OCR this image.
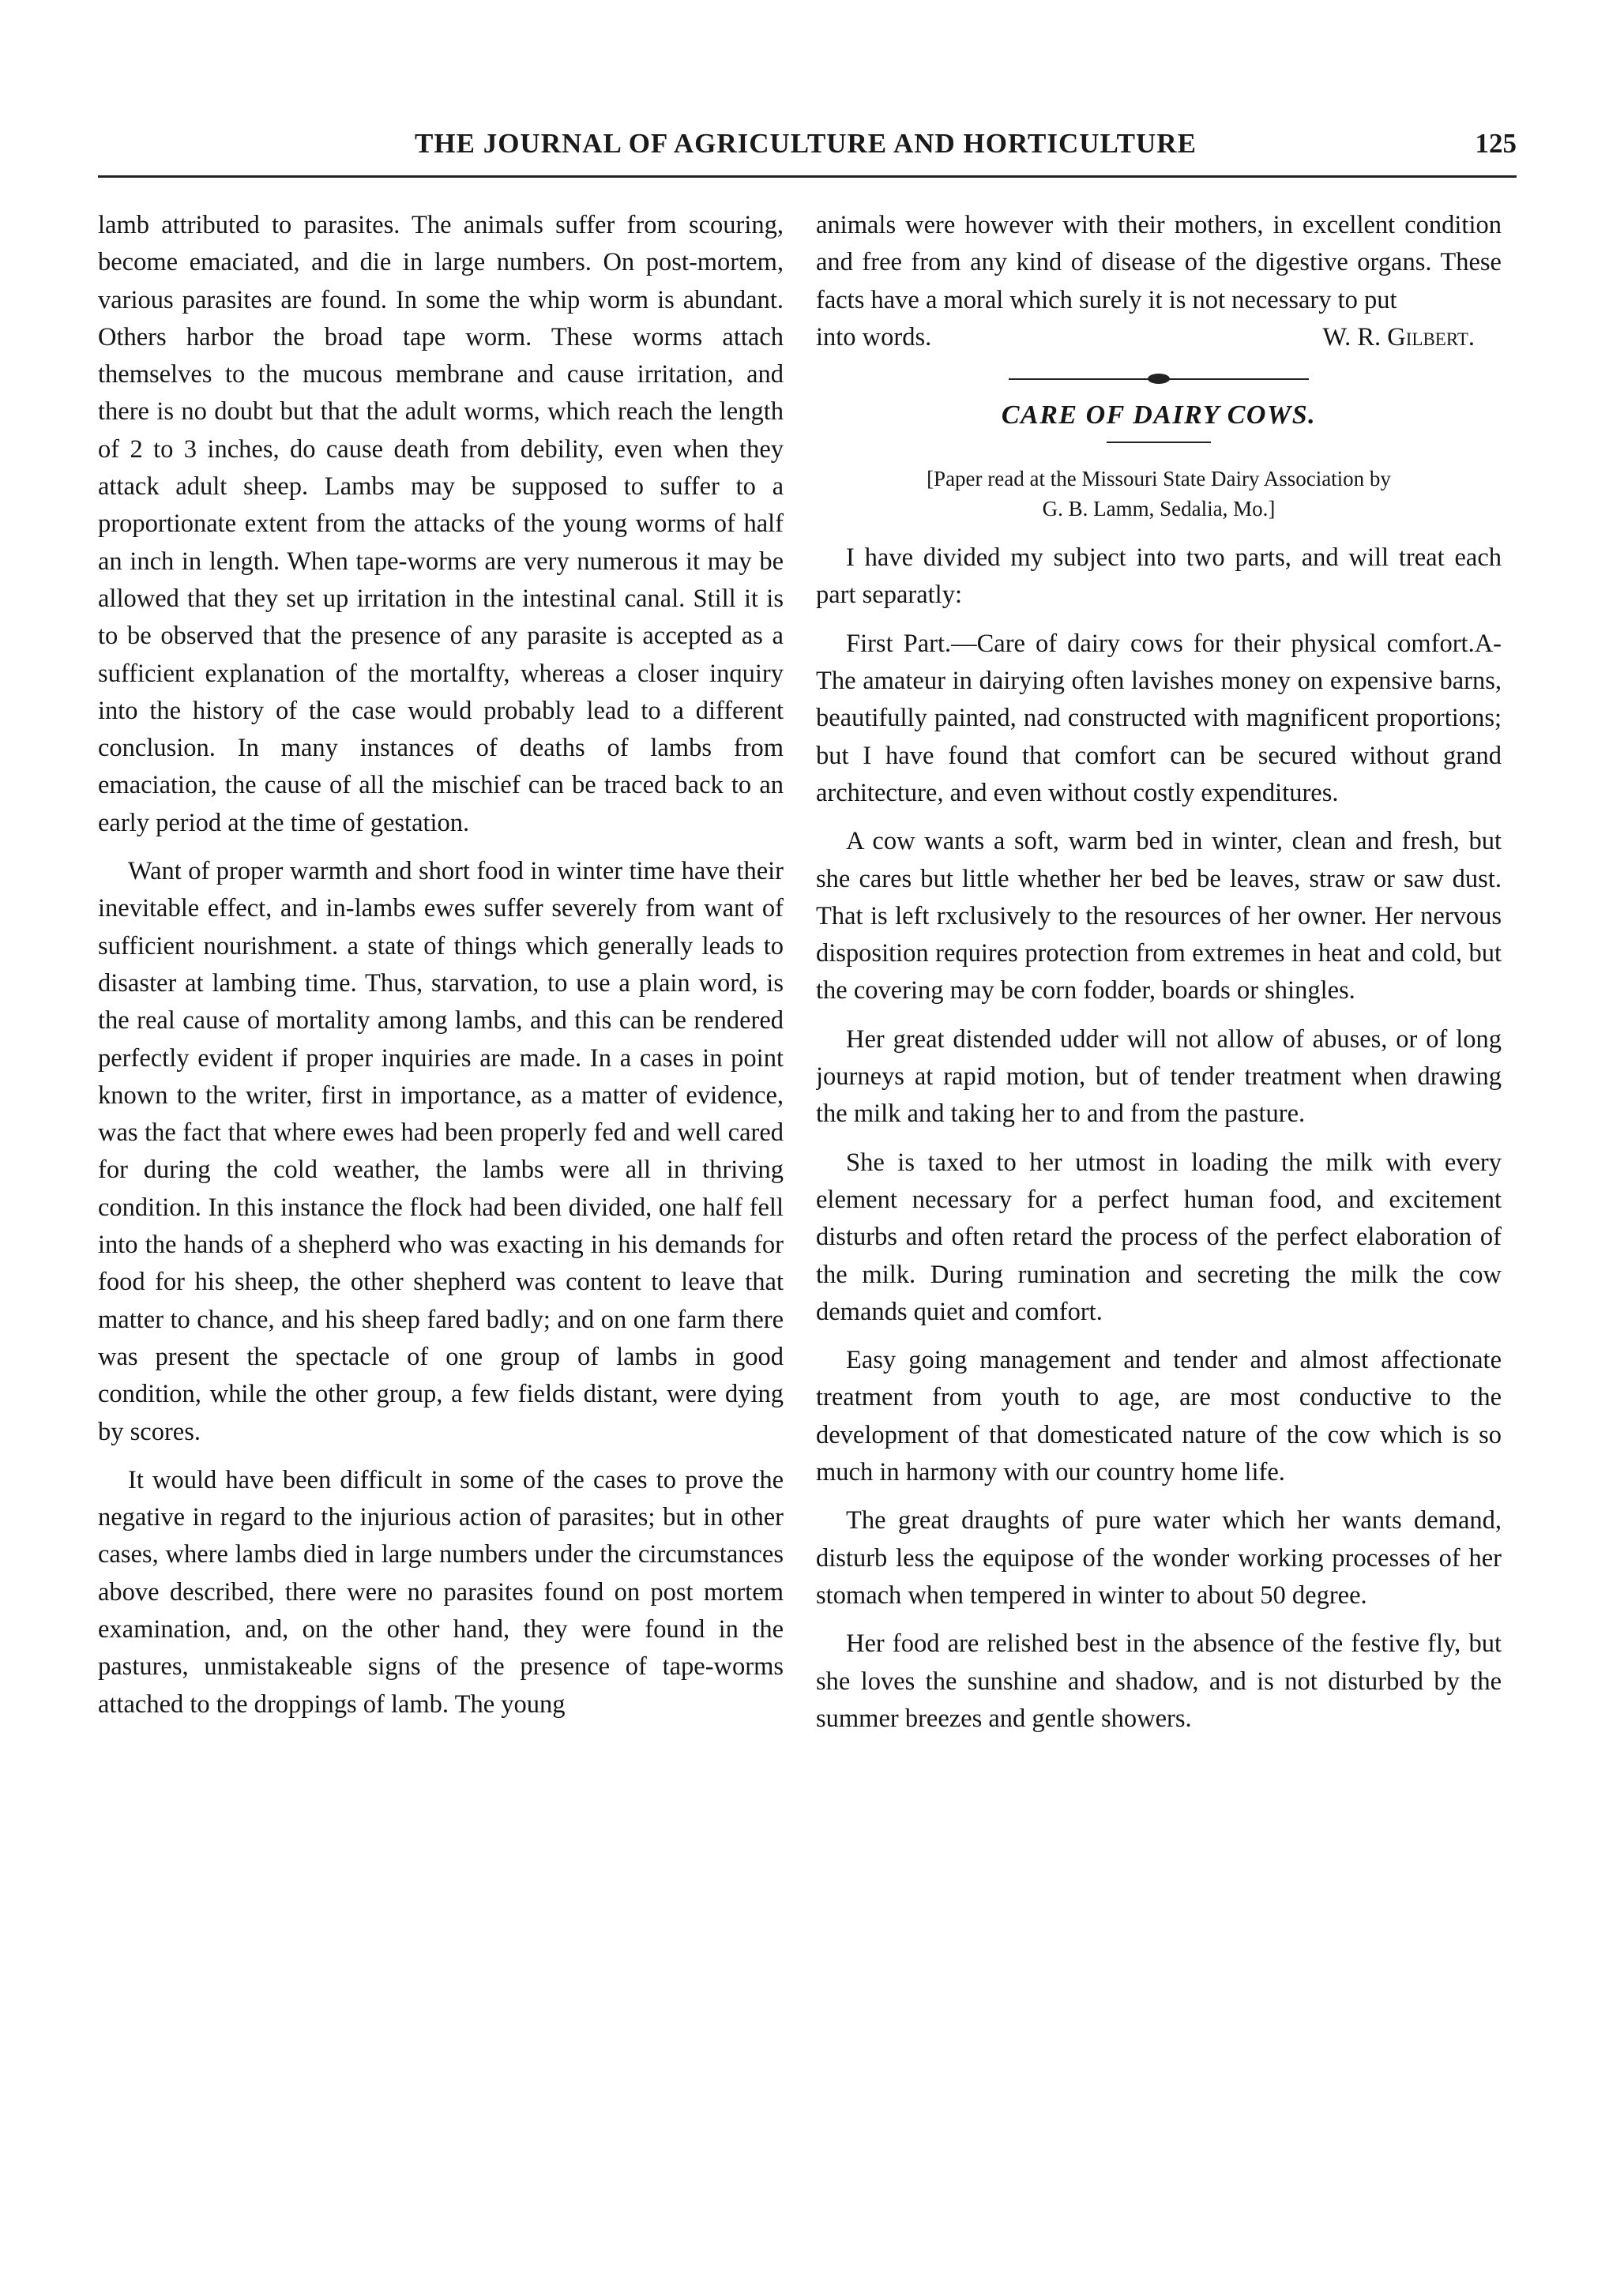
THE JOURNAL OF AGRICULTURE AND HORTICULTURE	125

lamb attributed to parasites. The animals suffer from scouring, become emaciated, and die in large numbers. On post-mortem, various parasites are found. In some the whip worm is abundant. Others harbor the broad tape worm. These worms attach themselves to the mucous membrane and cause irritation, and there is no doubt but that the adult worms, which reach the length of 2 to 3 inches, do cause death from debility, even when they attack adult sheep. Lambs may be supposed to suffer to a proportionate extent from the attacks of the young worms of half an inch in length. When tape-worms are very numerous it may be allowed that they set up irritation in the intestinal canal. Still it is to be observed that the presence of any parasite is accepted as a sufficient explanation of the mortalfty, whereas a closer inquiry into the history of the case would probably lead to a different conclusion. In many instances of deaths of lambs from emaciation, the cause of all the mischief can be traced back to an early period at the time of gestation.

Want of proper warmth and short food in winter time have their inevitable effect, and in-lambs ewes suffer severely from want of sufficient nourishment. a state of things which generally leads to disaster at lambing time. Thus, starvation, to use a plain word, is the real cause of mortality among lambs, and this can be rendered perfectly evident if proper inquiries are made. In a cases in point known to the writer, first in importance, as a matter of evidence, was the fact that where ewes had been properly fed and well cared for during the cold weather, the lambs were all in thriving condition. In this instance the flock had been divided, one half fell into the hands of a shepherd who was exacting in his demands for food for his sheep, the other shepherd was content to leave that matter to chance, and his sheep fared badly; and on one farm there was present the spectacle of one group of lambs in good condition, while the other group, a few fields distant, were dying by scores.

It would have been difficult in some of the cases to prove the negative in regard to the injurious action of parasites; but in other cases, where lambs died in large numbers under the circumstances above described, there were no parasites found on post mortem examination, and, on the other hand, they were found in the pastures, unmistakeable signs of the presence of tape-worms attached to the droppings of lamb. The young

animals were however with their mothers, in excellent condition and free from any kind of disease of the digestive organs. These facts have a moral which surely it is not necessary to put

into words.	W. R. Gilbert.
CARE OF DAIRY COWS.
[Paper read at the Missouri State Dairy Association by
G. B. Lamm, Sedalia, Mo.]

I have divided my subject into two parts, and will treat each part separatly:

First Part.—Care of dairy cows for their physical comfort.A-The amateur in dairying often lavishes money on expensive barns, beautifully painted, nad constructed with magnificent proportions; but I have found that comfort can be secured without grand architecture, and even without costly expenditures.

A cow wants a soft, warm bed in winter, clean and fresh, but she cares but little whether her bed be leaves, straw or saw dust. That is left rxclusively to the resources of her owner. Her nervous disposition requires protection from extremes in heat and cold, but the covering may be corn fodder, boards or shingles.

Her great distended udder will not allow of abuses, or of long journeys at rapid motion, but of tender treatment when drawing the milk and taking her to and from the pasture.

She is taxed to her utmost in loading the milk with every element necessary for a perfect human food, and excitement disturbs and often retard the process of the perfect elaboration of the milk. During rumination and secreting the milk the cow demands quiet and comfort.

Easy going management and tender and almost affectionate treatment from youth to age, are most conductive to the development of that domesticated nature of the cow which is so much in harmony with our country home life.

The great draughts of pure water which her wants demand, disturb less the equipose of the wonder working processes of her stomach when tempered in winter to about 50 degree.

Her food are relished best in the absence of the festive fly, but she loves the sunshine and shadow, and is not disturbed by the summer breezes and gentle showers.
